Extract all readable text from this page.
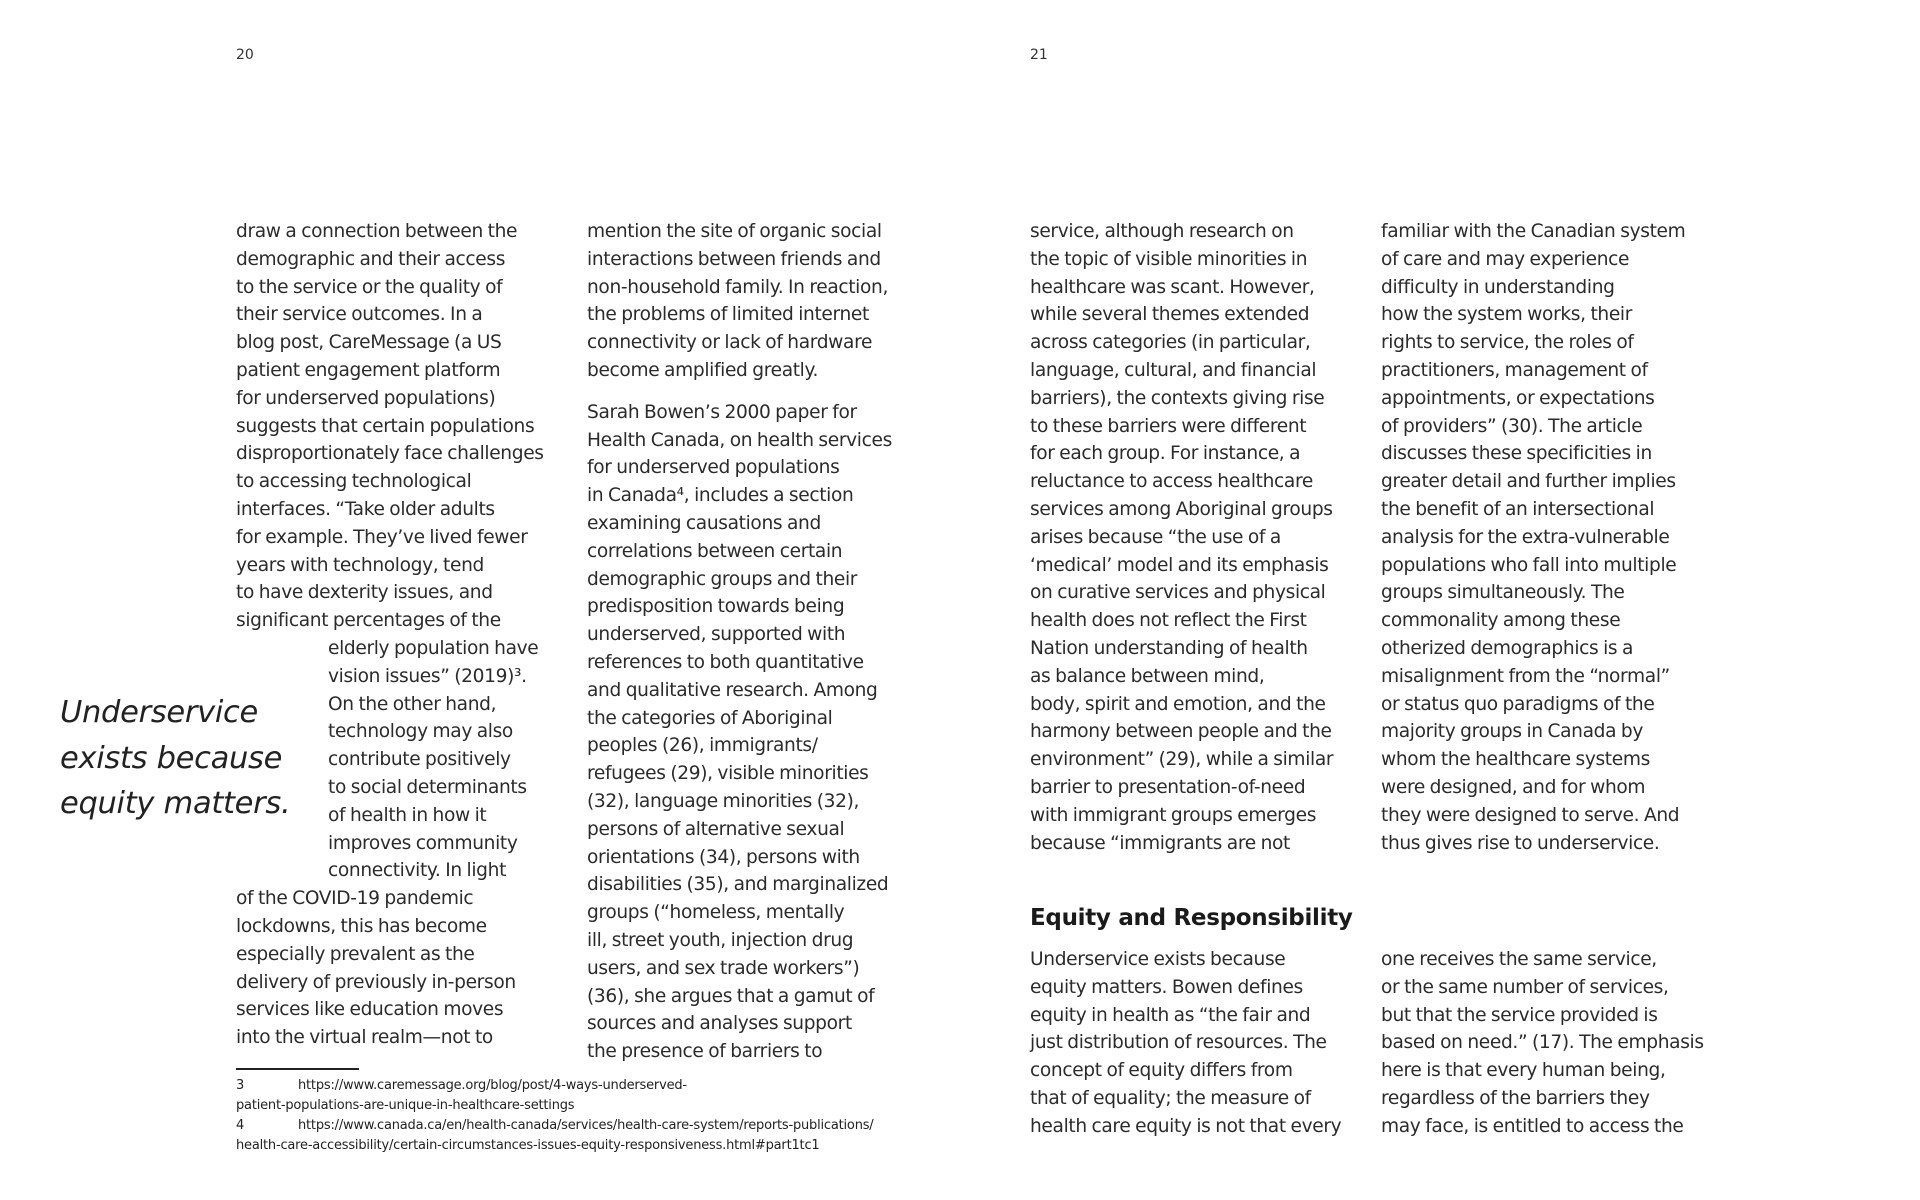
20	21
Underservice
exists because
equity matters.
draw a connection between the
demographic and their access
to the service or the quality of
their service outcomes. In a
blog post, CareMessage (a US
patient engagement platform
for underserved populations)
suggests that certain populations
disproportionately face challenges
to accessing technological
interfaces. “Take older adults
for example. They’ve lived fewer
years with technology, tend
to have dexterity issues, and
significant percentages of the
elderly population have
vision issues” (2019)³.
On the other hand,
technology may also
contribute positively
to social determinants
of health in how it
improves community
connectivity. In light
of the COVID-19 pandemic
lockdowns, this has become
especially prevalent as the
delivery of previously in-person
services like education moves
into the virtual realm—not to

mention the site of organic social
interactions between friends and
non-household family. In reaction,
the problems of limited internet
connectivity or lack of hardware
become amplified greatly.

Sarah Bowen’s 2000 paper for
Health Canada, on health services
for underserved populations
in Canada⁴, includes a section
examining causations and
correlations between certain
demographic groups and their
predisposition towards being
underserved, supported with
references to both quantitative
and qualitative research. Among
the categories of Aboriginal
peoples (26), immigrants/
refugees (29), visible minorities
(32), language minorities (32),
persons of alternative sexual
orientations (34), persons with
disabilities (35), and marginalized
groups (“homeless, mentally
ill, street youth, injection drug
users, and sex trade workers”)
(36), she argues that a gamut of
sources and analyses support
the presence of barriers to

service, although research on
the topic of visible minorities in
healthcare was scant. However,
while several themes extended
across categories (in particular,
language, cultural, and financial
barriers), the contexts giving rise
to these barriers were different
for each group. For instance, a
reluctance to access healthcare
services among Aboriginal groups
arises because “the use of a
‘medical’ model and its emphasis
on curative services and physical
health does not reflect the First
Nation understanding of health
as balance between mind,
body, spirit and emotion, and the
harmony between people and the
environment” (29), while a similar
barrier to presentation-of-need
with immigrant groups emerges
because “immigrants are not
familiar with the Canadian system
of care and may experience
difficulty in understanding
how the system works, their
rights to service, the roles of
practitioners, management of
appointments, or expectations
of providers” (30). The article
discusses these specificities in
greater detail and further implies
the benefit of an intersectional
analysis for the extra-vulnerable
populations who fall into multiple
groups simultaneously. The
commonality among these
otherized demographics is a
misalignment from the “normal”
or status quo paradigms of the
majority groups in Canada by
whom the healthcare systems
were designed, and for whom
they were designed to serve. And
thus gives rise to underservice.
Equity and Responsibility
Underservice exists because
equity matters. Bowen defines
equity in health as “the fair and
just distribution of resources. The
concept of equity differs from
that of equality; the measure of
health care equity is not that every
one receives the same service,
or the same number of services,
but that the service provided is
based on need.” (17). The emphasis
here is that every human being,
regardless of the barriers they
may face, is entitled to access the
3	https://www.caremessage.org/blog/post/4-ways-underserved-
patient-populations-are-unique-in-healthcare-settings
4	https://www.canada.ca/en/health-canada/services/health-care-system/reports-publications/
health-care-accessibility/certain-circumstances-issues-equity-responsiveness.html#part1tc1
